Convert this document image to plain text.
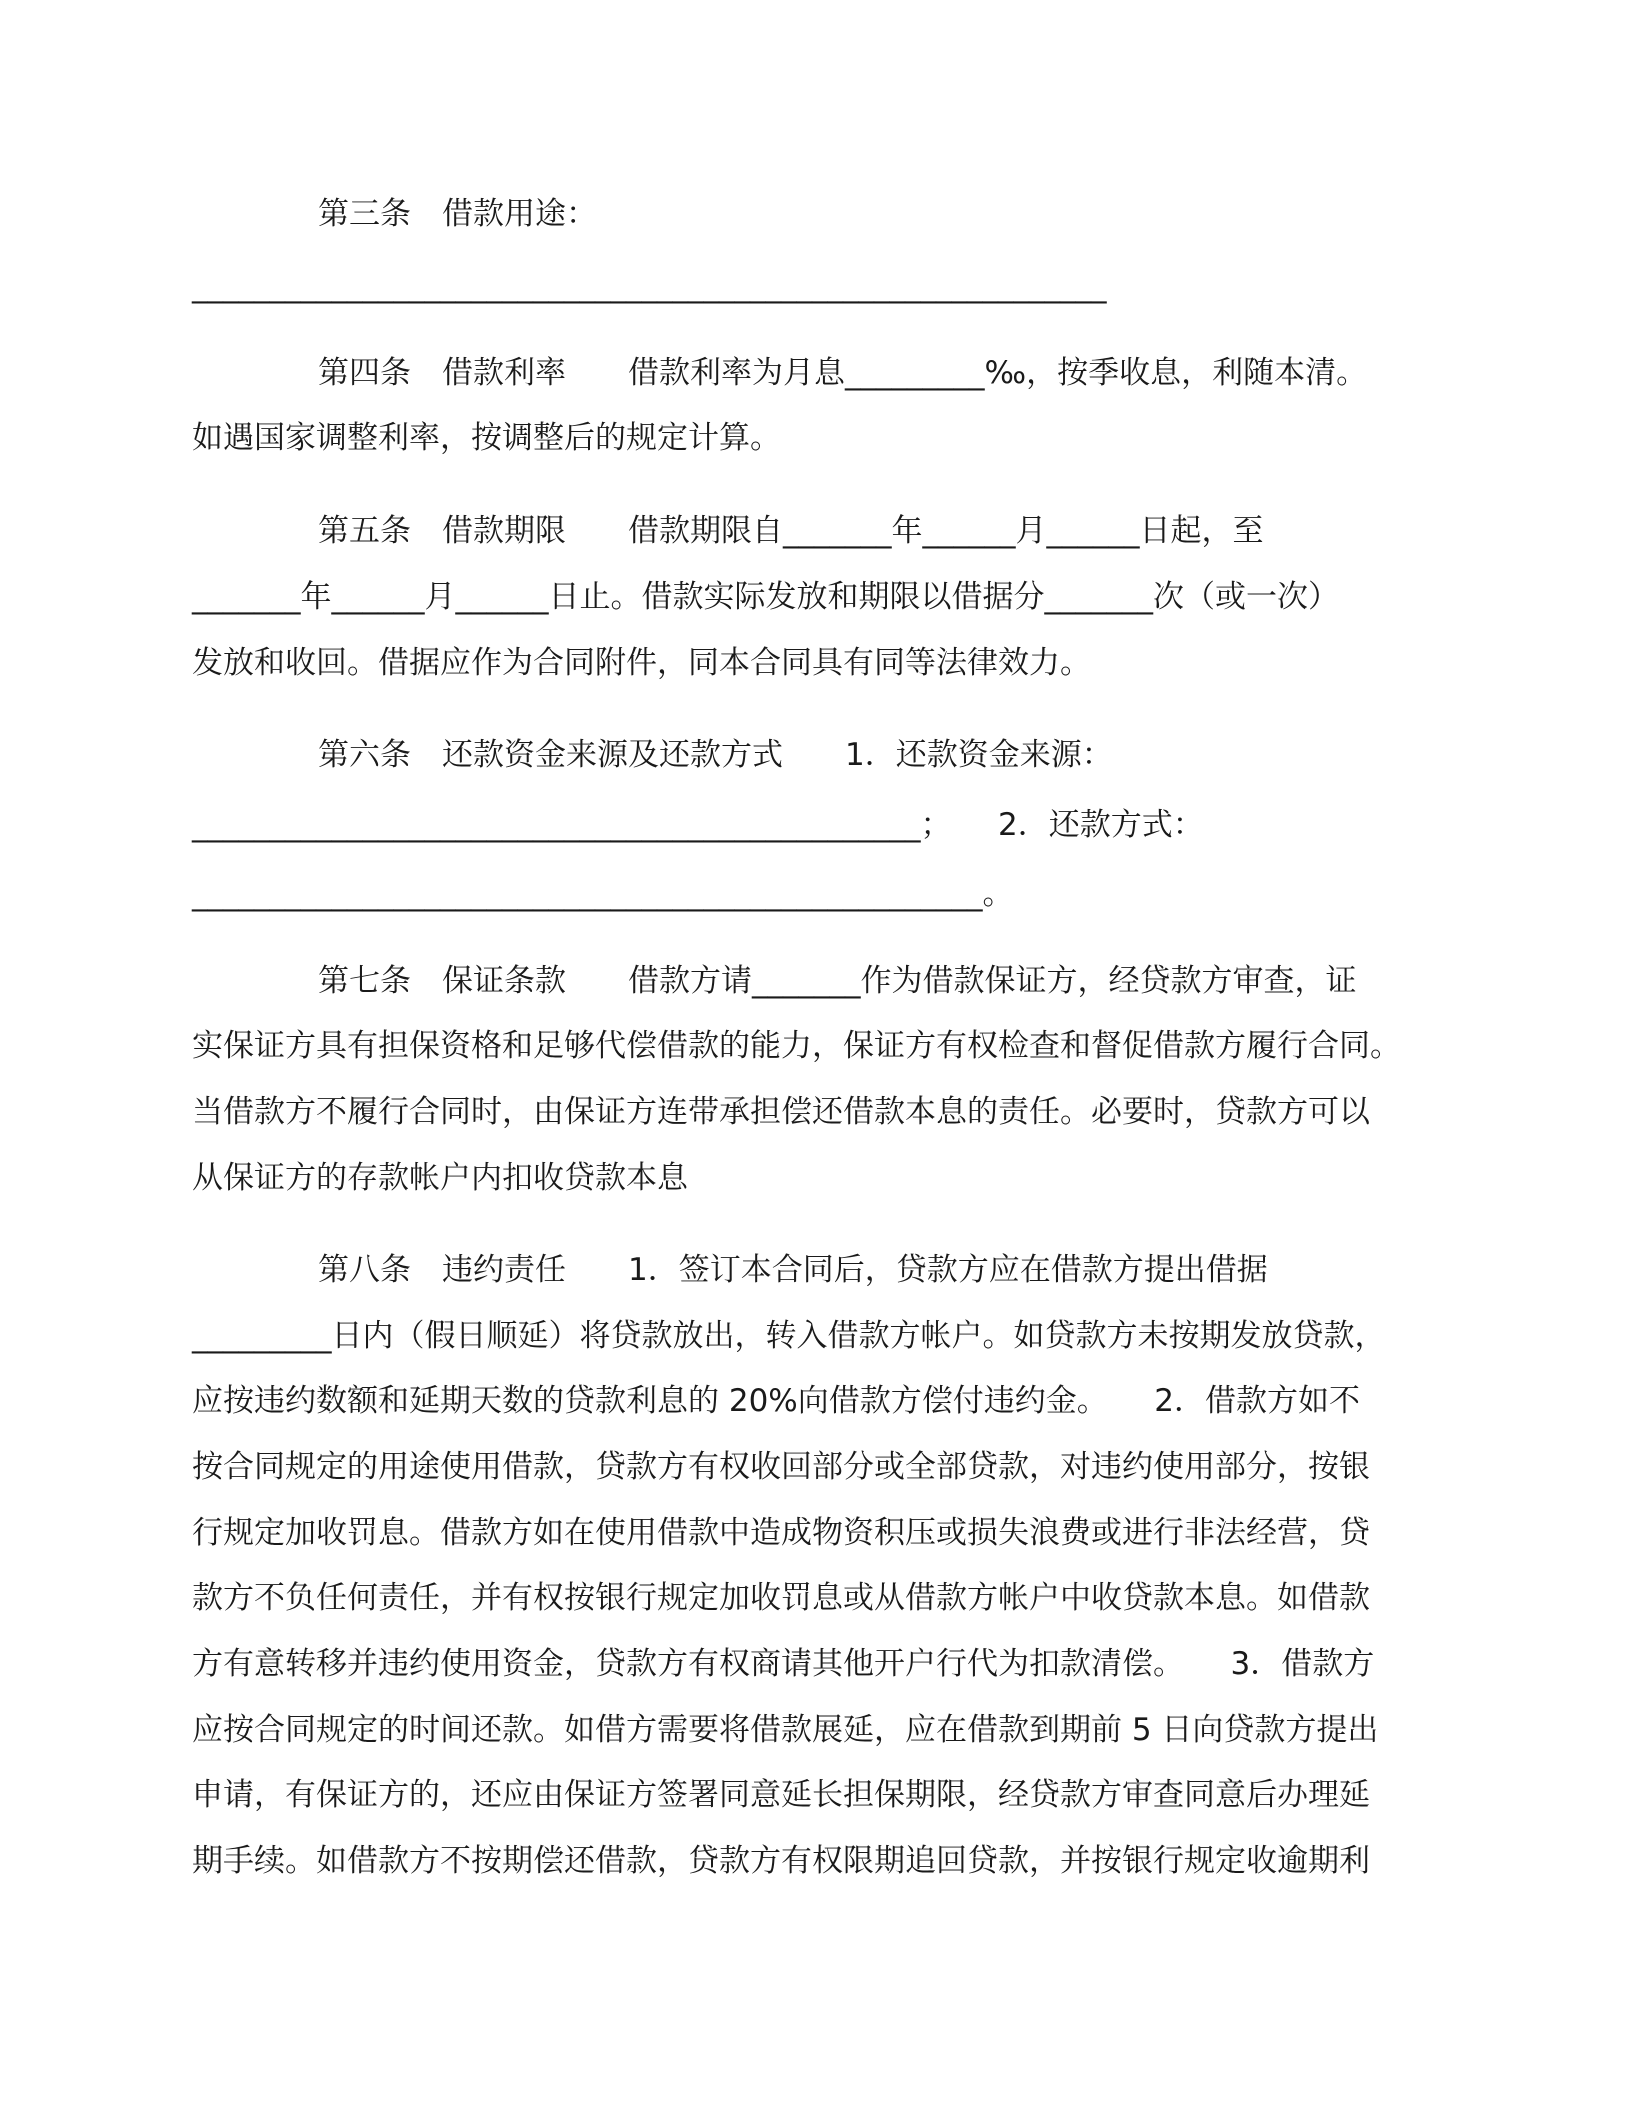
第三条　借款用途：
___________________________________________________________
第四条　借款利率　　借款利率为月息_________‰，按季收息，利随本清。
如遇国家调整利率，按调整后的规定计算。
第五条　借款期限　　借款期限自_______年______月______日起，至
_______年______月______日止。借款实际发放和期限以借据分_______次（或一次）
发放和收回。借据应作为合同附件，同本合同具有同等法律效力。
第六条　还款资金来源及还款方式　　1．还款资金来源：
_______________________________________________；　　2．还款方式：
___________________________________________________。
第七条　保证条款　　借款方请_______作为借款保证方，经贷款方审查，证
实保证方具有担保资格和足够代偿借款的能力，保证方有权检查和督促借款方履行合同。
当借款方不履行合同时，由保证方连带承担偿还借款本息的责任。必要时，贷款方可以
从保证方的存款帐户内扣收贷款本息
第八条　违约责任　　1．签订本合同后，贷款方应在借款方提出借据
_________日内（假日顺延）将贷款放出，转入借款方帐户。如贷款方未按期发放贷款，
应按违约数额和延期天数的贷款利息的 20%向借款方偿付违约金。　　2．借款方如不
按合同规定的用途使用借款，贷款方有权收回部分或全部贷款，对违约使用部分，按银
行规定加收罚息。借款方如在使用借款中造成物资积压或损失浪费或进行非法经营，贷
款方不负任何责任，并有权按银行规定加收罚息或从借款方帐户中收贷款本息。如借款
方有意转移并违约使用资金，贷款方有权商请其他开户行代为扣款清偿。　　3．借款方
应按合同规定的时间还款。如借方需要将借款展延，应在借款到期前 5 日向贷款方提出
申请，有保证方的，还应由保证方签署同意延长担保期限，经贷款方审查同意后办理延
期手续。如借款方不按期偿还借款，贷款方有权限期追回贷款，并按银行规定收逾期利
